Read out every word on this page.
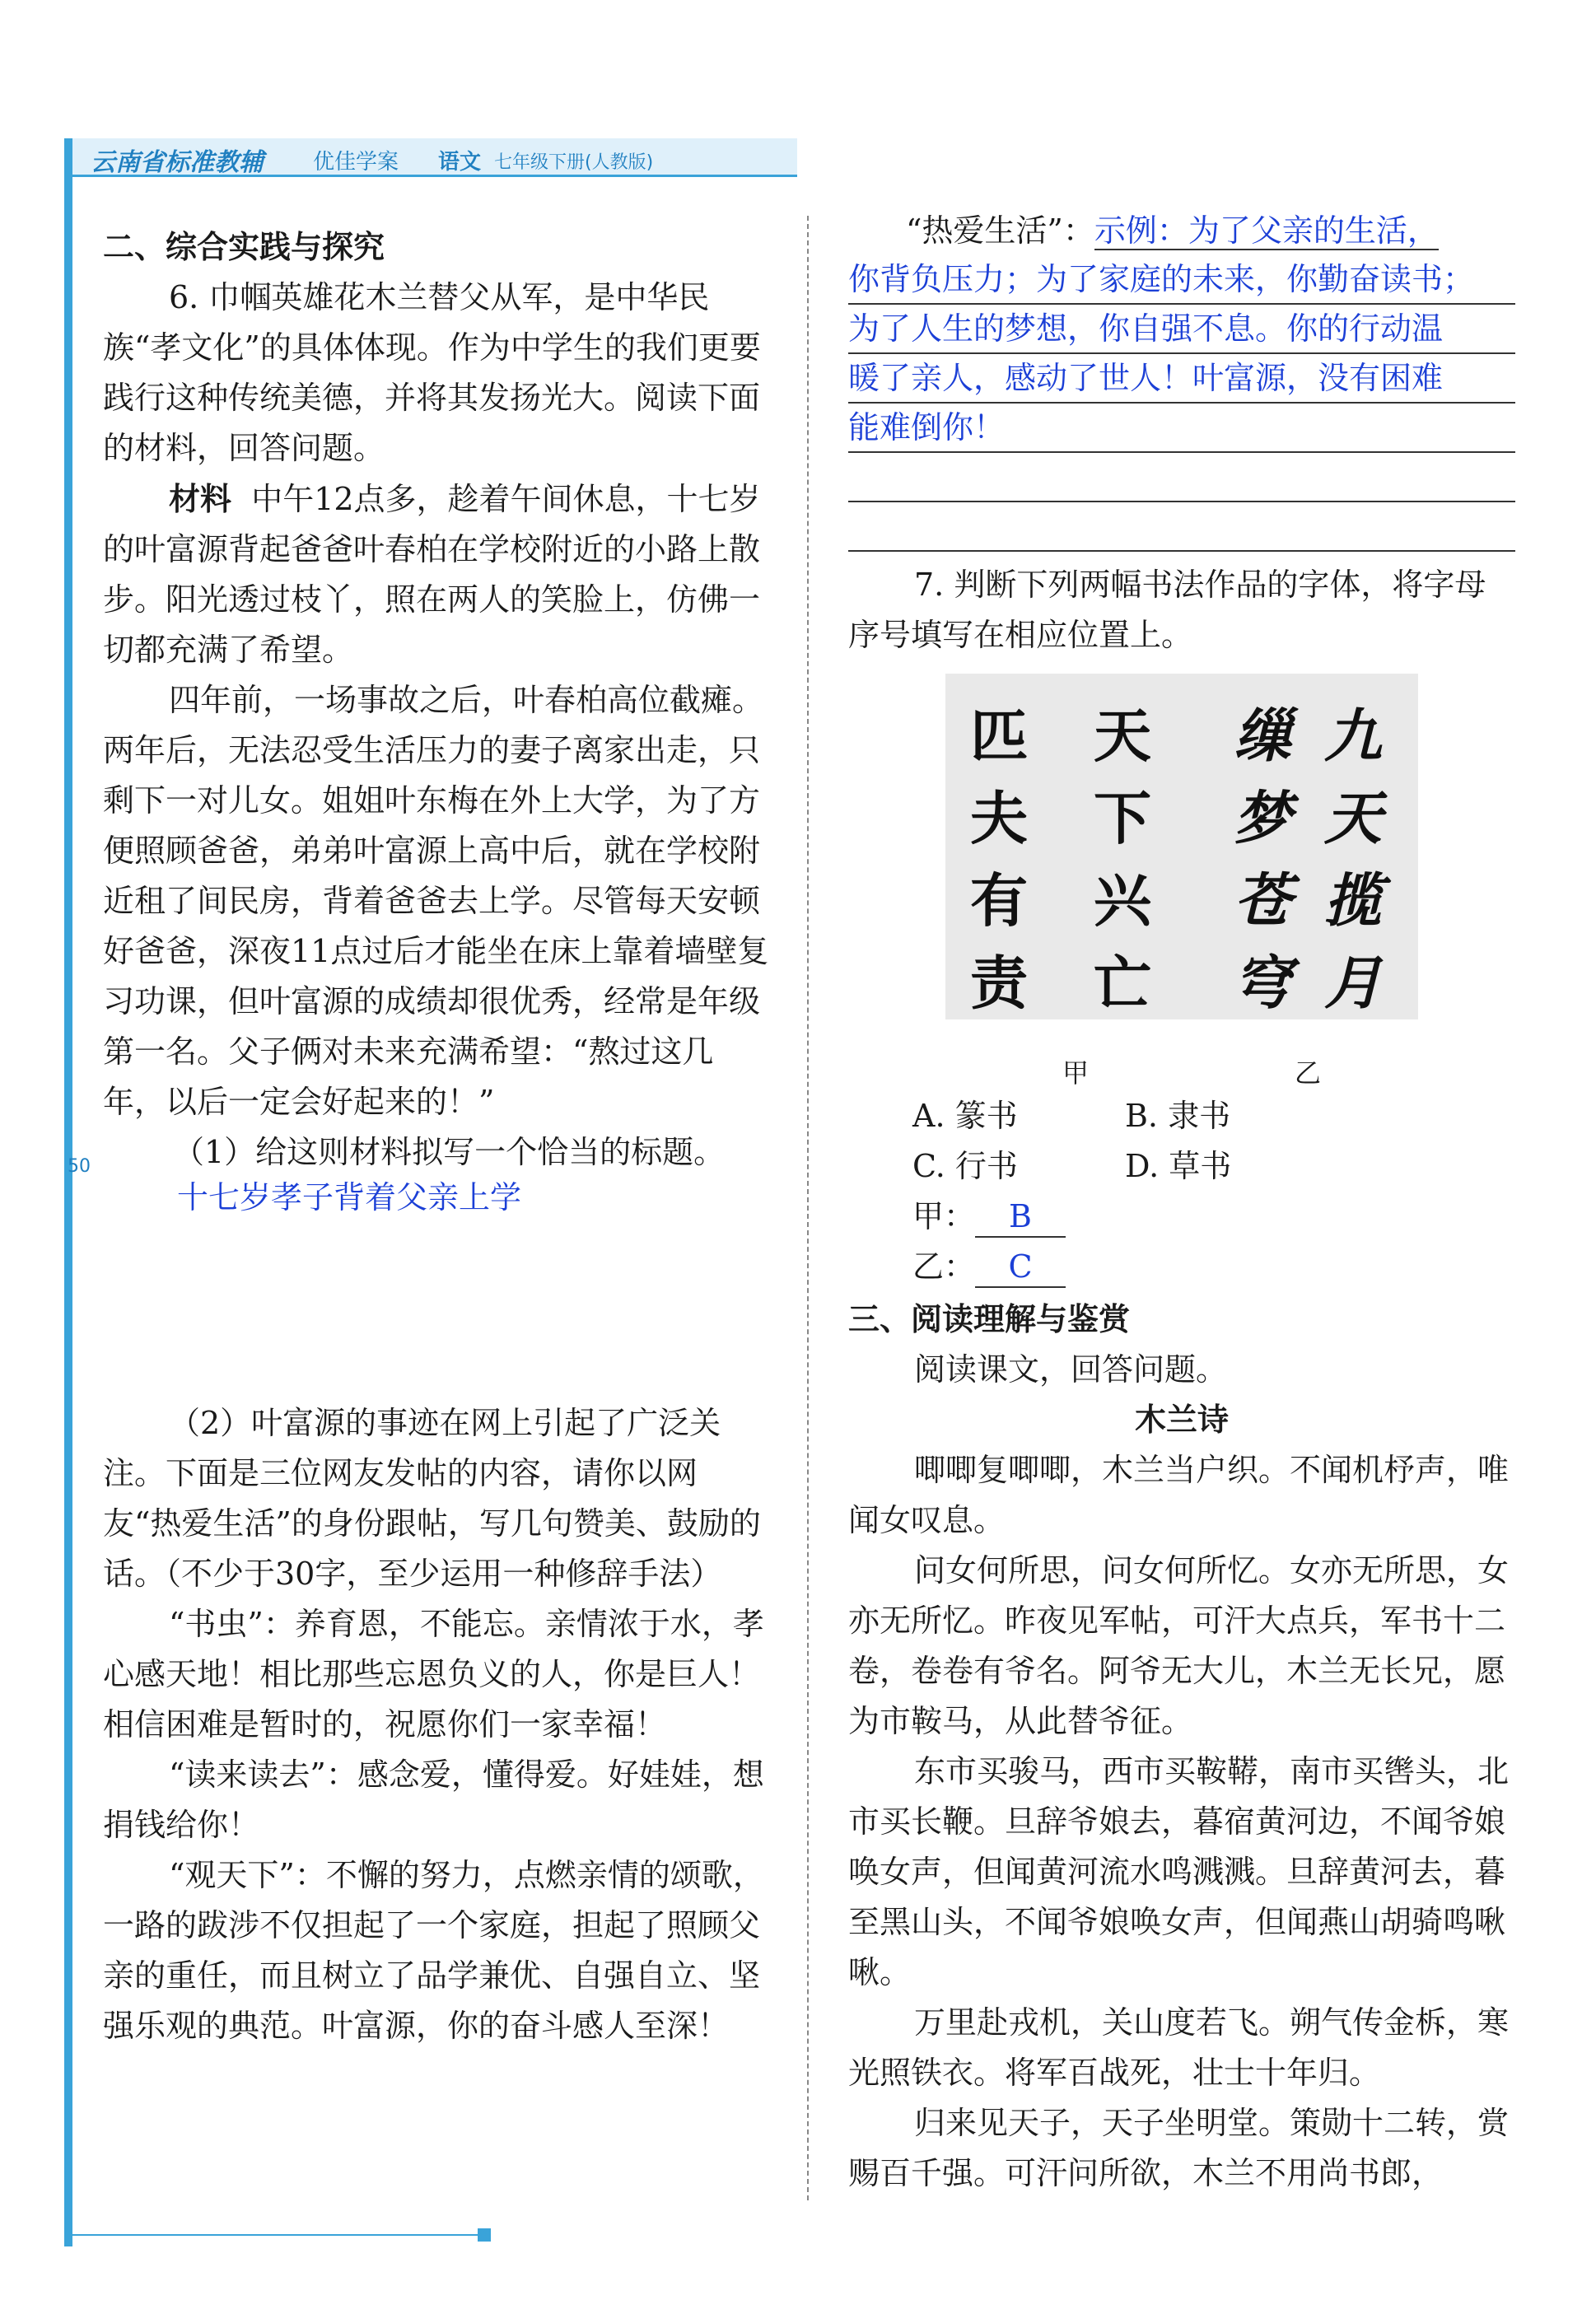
云南省标准教辅 优佳学案 语文 七年级下册(人教版)
50

二、综合实践与探究

6. 巾帼英雄花木兰替父从军，是中华民族“孝文化”的具体体现。作为中学生的我们更要践行这种传统美德，并将其发扬光大。阅读下面的材料，回答问题。

材料 中午12点多，趁着午间休息，十七岁的叶富源背起爸爸叶春柏在学校附近的小路上散步。阳光透过枝丫，照在两人的笑脸上，仿佛一切都充满了希望。

四年前，一场事故之后，叶春柏高位截瘫。两年后，无法忍受生活压力的妻子离家出走，只剩下一对儿女。姐姐叶东梅在外上大学，为了方便照顾爸爸，弟弟叶富源上高中后，就在学校附近租了间民房，背着爸爸去上学。尽管每天安顿好爸爸，深夜11点过后才能坐在床上靠着墙壁复习功课，但叶富源的成绩却很优秀，经常是年级第一名。父子俩对未来充满希望：“熬过这几年，以后一定会好起来的！”

（1）给这则材料拟写一个恰当的标题。

十七岁孝子背着父亲上学

（2）叶富源的事迹在网上引起了广泛关注。下面是三位网友发帖的内容，请你以网友“热爱生活”的身份跟帖，写几句赞美、鼓励的话。（不少于30字，至少运用一种修辞手法）

“书虫”：养育恩，不能忘。亲情浓于水，孝心感天地！相比那些忘恩负义的人，你是巨人！相信困难是暂时的，祝愿你们一家幸福！

“读来读去”：感念爱，懂得爱。好娃娃，想捐钱给你！

“观天下”：不懈的努力，点燃亲情的颂歌，一路的跋涉不仅担起了一个家庭，担起了照顾父亲的重任，而且树立了品学兼优、自强自立、坚强乐观的典范。叶富源，你的奋斗感人至深！

“热爱生活”：示例：为了父亲的生活，

你背负压力；为了家庭的未来，你勤奋读书；

为了人生的梦想，你自强不息。你的行动温

暖了亲人，感动了世人！叶富源，没有困难

能难倒你！

7. 判断下列两幅书法作品的字体，将字母序号填写在相应位置上。

天
下
兴
亡
匹
夫
有
责
九
天
揽
月
缫
梦
苍
穹
甲	乙

A. 篆书	B. 隶书

C. 行书	D. 草书

甲： B

乙： C

三、阅读理解与鉴赏

阅读课文，回答问题。

木兰诗

唧唧复唧唧，木兰当户织。不闻机杼声，唯闻女叹息。

问女何所思，问女何所忆。女亦无所思，女亦无所忆。昨夜见军帖，可汗大点兵，军书十二卷，卷卷有爷名。阿爷无大儿，木兰无长兄，愿为市鞍马，从此替爷征。

东市买骏马，西市买鞍鞯，南市买辔头，北市买长鞭。旦辞爷娘去，暮宿黄河边，不闻爷娘唤女声，但闻黄河流水鸣溅溅。旦辞黄河去，暮至黑山头，不闻爷娘唤女声，但闻燕山胡骑鸣啾啾。

万里赴戎机，关山度若飞。朔气传金柝，寒光照铁衣。将军百战死，壮士十年归。

归来见天子，天子坐明堂。策勋十二转，赏赐百千强。可汗问所欲，木兰不用尚书郎，
